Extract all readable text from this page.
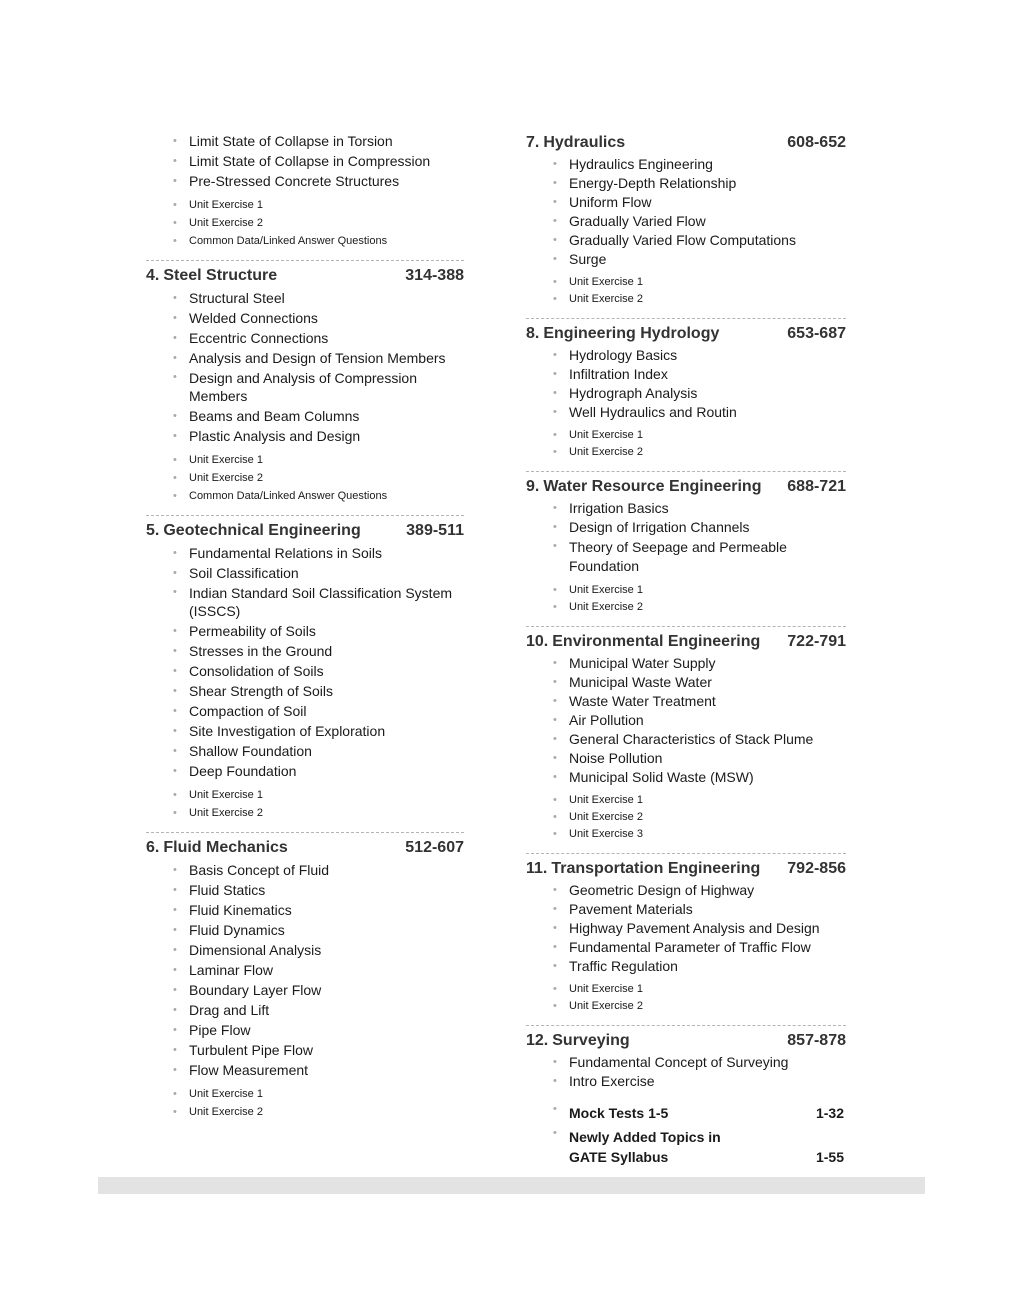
• Limit State of Collapse in Torsion
• Limit State of Collapse in Compression
• Pre-Stressed Concrete Structures
• Unit Exercise 1
• Unit Exercise 2
• Common Data/Linked Answer Questions
4. Steel Structure	314-388
• Structural Steel
• Welded Connections
• Eccentric Connections
• Analysis and Design of Tension Members
• Design and Analysis of Compression Members
• Beams and Beam Columns
• Plastic Analysis and Design
• Unit Exercise 1
• Unit Exercise 2
• Common Data/Linked Answer Questions
5. Geotechnical Engineering	389-511
• Fundamental Relations in Soils
• Soil Classification
• Indian Standard Soil Classification System (ISSCS)
• Permeability of Soils
• Stresses in the Ground
• Consolidation of Soils
• Shear Strength of Soils
• Compaction of Soil
• Site Investigation of Exploration
• Shallow Foundation
• Deep Foundation
• Unit Exercise 1
• Unit Exercise 2
6. Fluid Mechanics	512-607
• Basis Concept of Fluid
• Fluid Statics
• Fluid Kinematics
• Fluid Dynamics
• Dimensional Analysis
• Laminar Flow
• Boundary Layer Flow
• Drag and Lift
• Pipe Flow
• Turbulent Pipe Flow
• Flow Measurement
• Unit Exercise 1
• Unit Exercise 2
7. Hydraulics	608-652
• Hydraulics Engineering
• Energy-Depth Relationship
• Uniform Flow
• Gradually Varied Flow
• Gradually Varied Flow Computations
• Surge
• Unit Exercise 1
• Unit Exercise 2
8. Engineering Hydrology	653-687
• Hydrology Basics
• Infiltration Index
• Hydrograph Analysis
• Well Hydraulics and Routin
• Unit Exercise 1
• Unit Exercise 2
9. Water Resource Engineering 688-721
• Irrigation Basics
• Design of Irrigation Channels
• Theory of Seepage and Permeable Foundation
• Unit Exercise 1
• Unit Exercise 2
10. Environmental Engineering 722-791
• Municipal Water Supply
• Municipal Waste Water
• Waste Water Treatment
• Air Pollution
• General Characteristics of Stack Plume
• Noise Pollution
• Municipal Solid Waste (MSW)
• Unit Exercise 1
• Unit Exercise 2
• Unit Exercise 3
11. Transportation Engineering 792-856
• Geometric Design of Highway
• Pavement Materials
• Highway Pavement Analysis and Design
• Fundamental Parameter of Traffic Flow
• Traffic Regulation
• Unit Exercise 1
• Unit Exercise 2
12. Surveying	857-878
• Fundamental Concept of Surveying
• Intro Exercise
• Mock Tests 1-5	1-32
• Newly Added Topics in GATE Syllabus	1-55
